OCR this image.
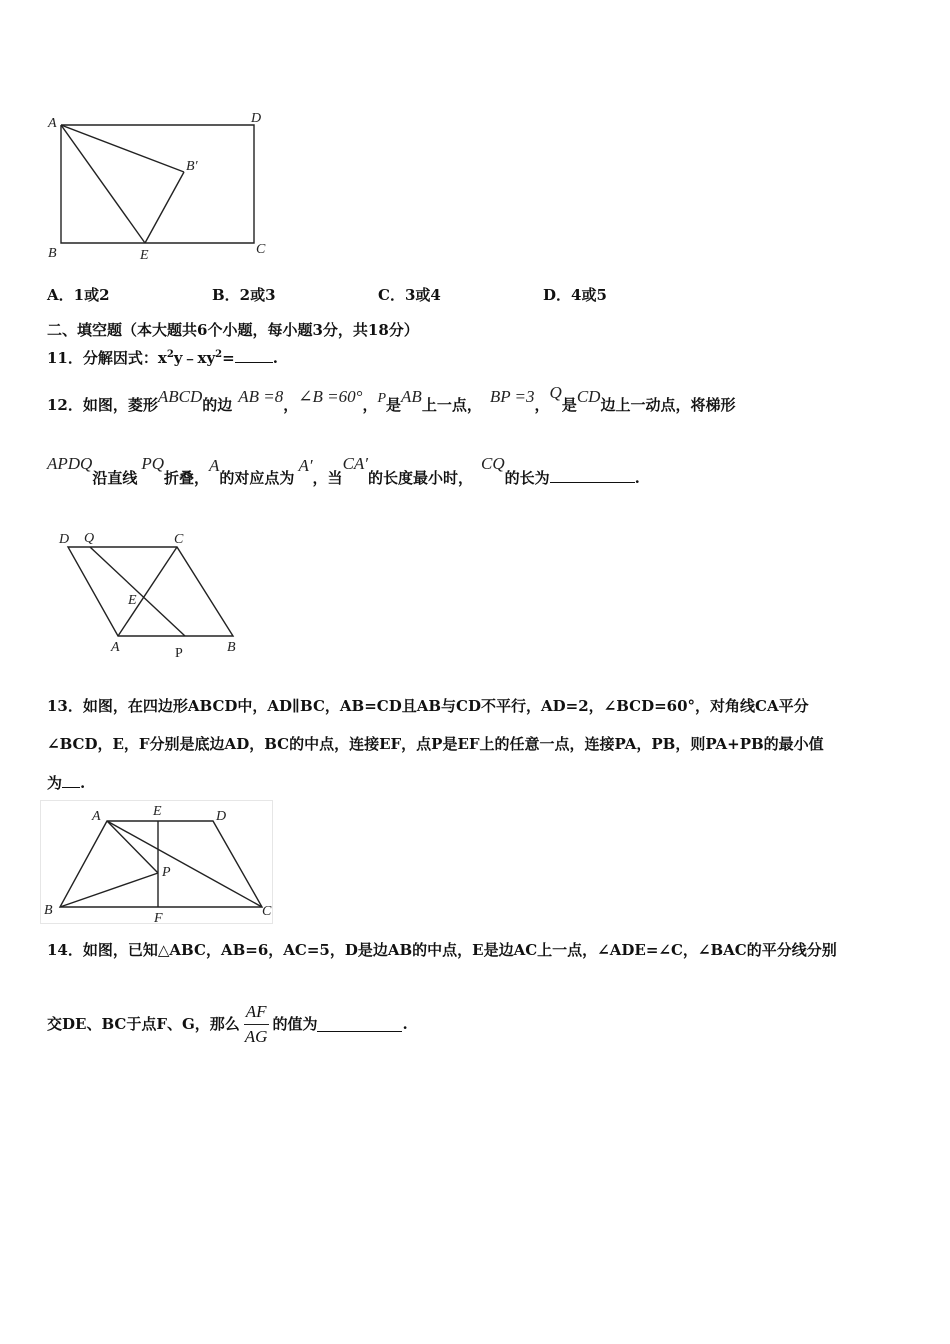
A	D
B′
B	E	C
A．1或2	B．2或3	C．3或4	D．4或5
二、填空题（本大题共6个小题，每小题3分，共18分）
11．分解因式：$x^2y﹣xy^2=$	.
12．如图，菱形ABCD的边 AB =8，∠B =60°，P是AB上一点， BP =3，Q是CD边上一动点，将梯形
APDQ沿直线PQ折叠，A的对应点为A′，当CA′的长度最小时，CQ的长为	.
D Q	C
E
A	P	B
13．如图，在四边形ABCD中，AD∥BC，AB=CD且AB与CD不平行，AD=2，∠BCD=60°，对角线CA平分
∠BCD，E，F分别是底边AD，BC的中点，连接EF，点P是EF上的任意一点，连接PA，PB，则PA+PB的最小值
为 .
A	E	D
P
B
F	C
14．如图，已知△ABC，AB=6，AC=5，D是边AB的中点，E是边AC上一点，∠ADE=∠C，∠BAC的平分线分别
交DE、BC于点F、G，那么 $\frac{AF}{AG}$ 的值为	.
